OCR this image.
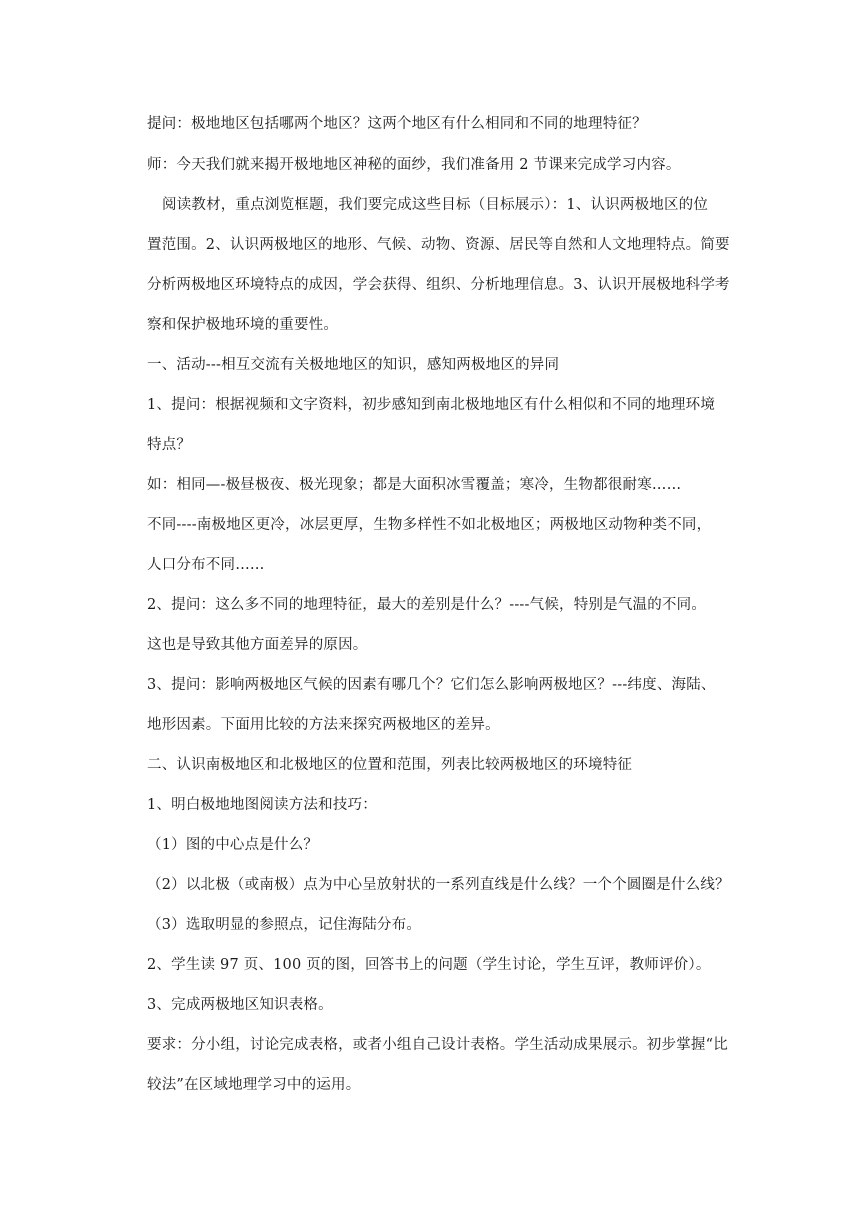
提问：极地地区包括哪两个地区？这两个地区有什么相同和不同的地理特征？
师：今天我们就来揭开极地地区神秘的面纱，我们准备用 2 节课来完成学习内容。
阅读教材，重点浏览框题，我们要完成这些目标（目标展示）：1、认识两极地区的位
置范围。2、认识两极地区的地形、气候、动物、资源、居民等自然和人文地理特点。简要
分析两极地区环境特点的成因，学会获得、组织、分析地理信息。3、认识开展极地科学考
察和保护极地环境的重要性。
一、活动---相互交流有关极地地区的知识，感知两极地区的异同
1、提问：根据视频和文字资料，初步感知到南北极地地区有什么相似和不同的地理环境
特点？
如：相同—-极昼极夜、极光现象；都是大面积冰雪覆盖；寒冷，生物都很耐寒……
不同----南极地区更冷，冰层更厚，生物多样性不如北极地区；两极地区动物种类不同，
人口分布不同……
2、提问：这么多不同的地理特征，最大的差别是什么？----气候，特别是气温的不同。
这也是导致其他方面差异的原因。
3、提问：影响两极地区气候的因素有哪几个？它们怎么影响两极地区？---纬度、海陆、
地形因素。下面用比较的方法来探究两极地区的差异。
二、认识南极地区和北极地区的位置和范围，列表比较两极地区的环境特征
1、明白极地地图阅读方法和技巧：
（1）图的中心点是什么？
（2）以北极（或南极）点为中心呈放射状的一系列直线是什么线？一个个圆圈是什么线？
（3）选取明显的参照点，记住海陆分布。
2、学生读 97 页、100 页的图，回答书上的问题（学生讨论，学生互评，教师评价）。
3、完成两极地区知识表格。
要求：分小组，讨论完成表格，或者小组自己设计表格。学生活动成果展示。初步掌握“比
较法”在区域地理学习中的运用。
